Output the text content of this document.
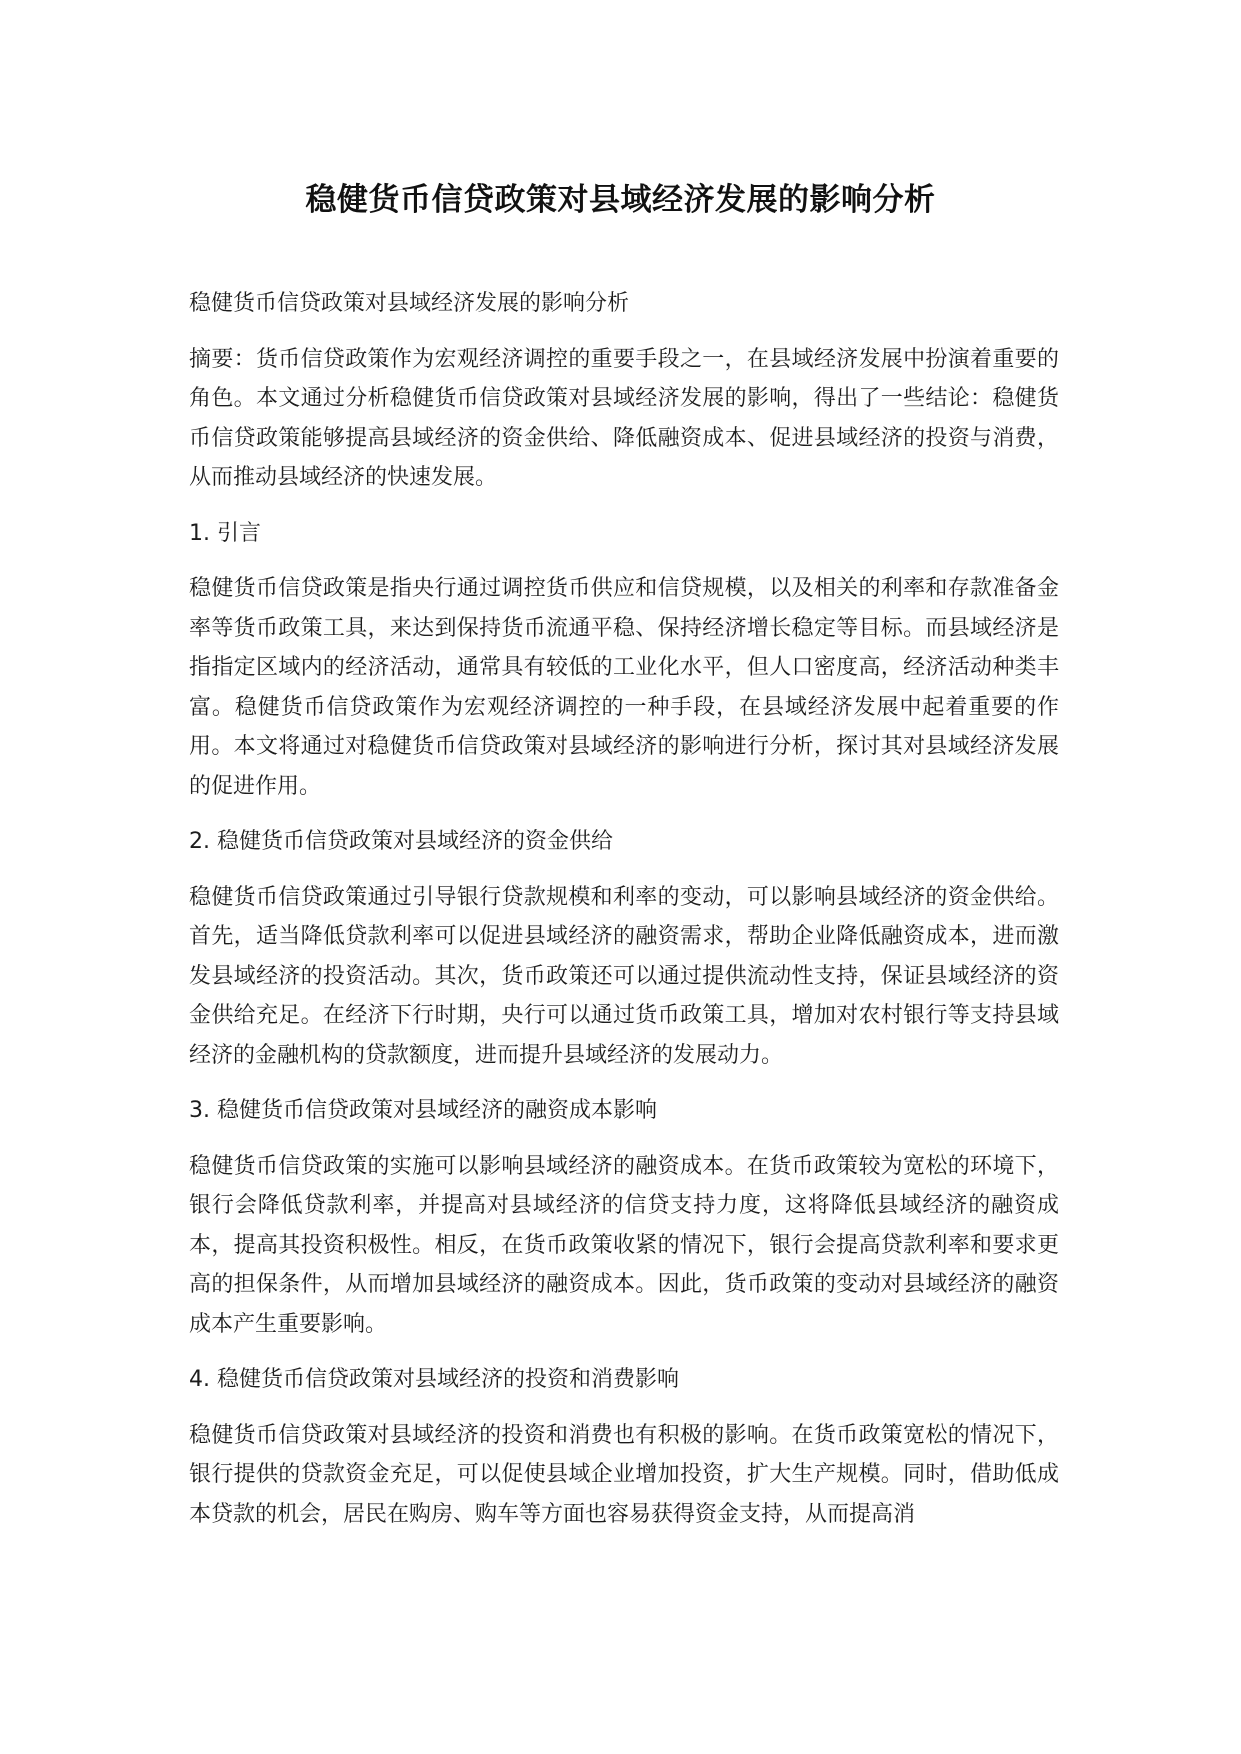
稳健货币信贷政策对县域经济发展的影响分析

稳健货币信贷政策对县域经济发展的影响分析

摘要：货币信贷政策作为宏观经济调控的重要手段之一，在县域经济发展中扮演着重要的角色。本文通过分析稳健货币信贷政策对县域经济发展的影响，得出了一些结论：稳健货币信贷政策能够提高县域经济的资金供给、降低融资成本、促进县域经济的投资与消费，从而推动县域经济的快速发展。

1. 引言

稳健货币信贷政策是指央行通过调控货币供应和信贷规模，以及相关的利率和存款准备金率等货币政策工具，来达到保持货币流通平稳、保持经济增长稳定等目标。而县域经济是指指定区域内的经济活动，通常具有较低的工业化水平，但人口密度高，经济活动种类丰富。稳健货币信贷政策作为宏观经济调控的一种手段，在县域经济发展中起着重要的作用。本文将通过对稳健货币信贷政策对县域经济的影响进行分析，探讨其对县域经济发展的促进作用。

2. 稳健货币信贷政策对县域经济的资金供给

稳健货币信贷政策通过引导银行贷款规模和利率的变动，可以影响县域经济的资金供给。首先，适当降低贷款利率可以促进县域经济的融资需求，帮助企业降低融资成本，进而激发县域经济的投资活动。其次，货币政策还可以通过提供流动性支持，保证县域经济的资金供给充足。在经济下行时期，央行可以通过货币政策工具，增加对农村银行等支持县域经济的金融机构的贷款额度，进而提升县域经济的发展动力。

3. 稳健货币信贷政策对县域经济的融资成本影响

稳健货币信贷政策的实施可以影响县域经济的融资成本。在货币政策较为宽松的环境下，银行会降低贷款利率，并提高对县域经济的信贷支持力度，这将降低县域经济的融资成本，提高其投资积极性。相反，在货币政策收紧的情况下，银行会提高贷款利率和要求更高的担保条件，从而增加县域经济的融资成本。因此，货币政策的变动对县域经济的融资成本产生重要影响。

4. 稳健货币信贷政策对县域经济的投资和消费影响

稳健货币信贷政策对县域经济的投资和消费也有积极的影响。在货币政策宽松的情况下，银行提供的贷款资金充足，可以促使县域企业增加投资，扩大生产规模。同时，借助低成本贷款的机会，居民在购房、购车等方面也容易获得资金支持，从而提高消
